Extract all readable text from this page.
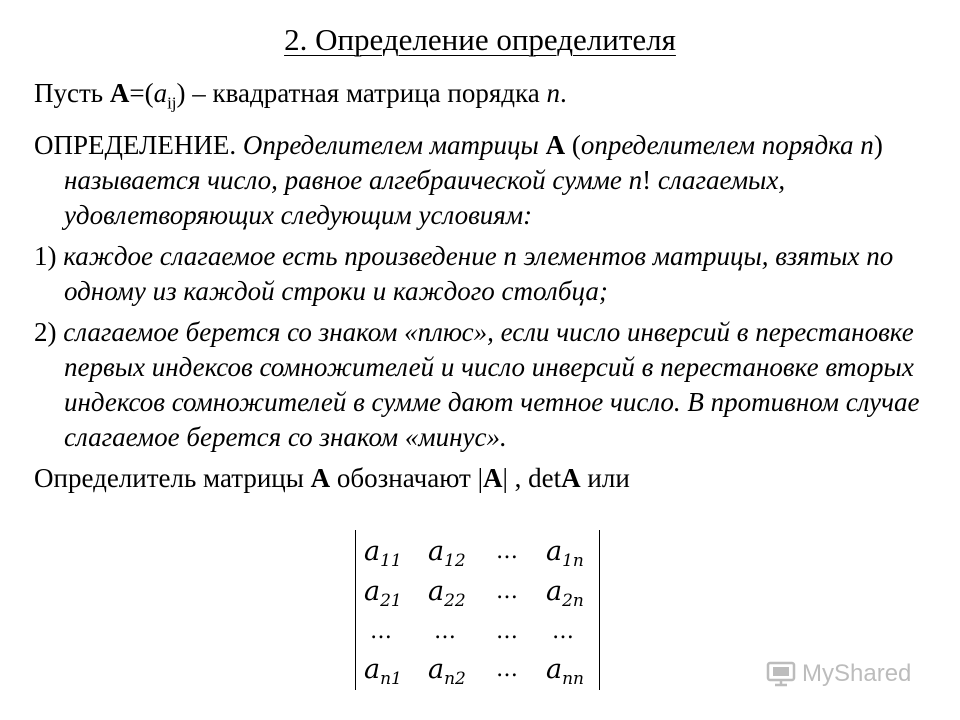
2. Определение определителя

Пусть $А=(a_{ij})$ – квадратная матрица порядка n.

ОПРЕДЕЛЕНИЕ. Определителем матрицы А (определителем порядка n) называется число, равное алгебраической сумме n! слагаемых, удовлетворяющих следующим условиям:

1) каждое слагаемое есть произведение n элементов матрицы, взятых по одному из каждой строки и каждого столбца;

2) слагаемое берется со знаком «плюс», если число инверсий в перестановке первых индексов сомножителей и число инверсий в перестановке вторых индексов сомножителей в сумме дают четное число. В противном случае слагаемое берется со знаком «минус».

Определитель матрицы А обозначают |А| , detА или

$a_{11}$ $a_{12}$	…	$a_{1n}$
$a_{21}$ $a_{22}$	…	$a_{2n}$
…	…	…	…
$a_{n1}$ $a_{n2}$	…	$a_{nn}$	MyShared
